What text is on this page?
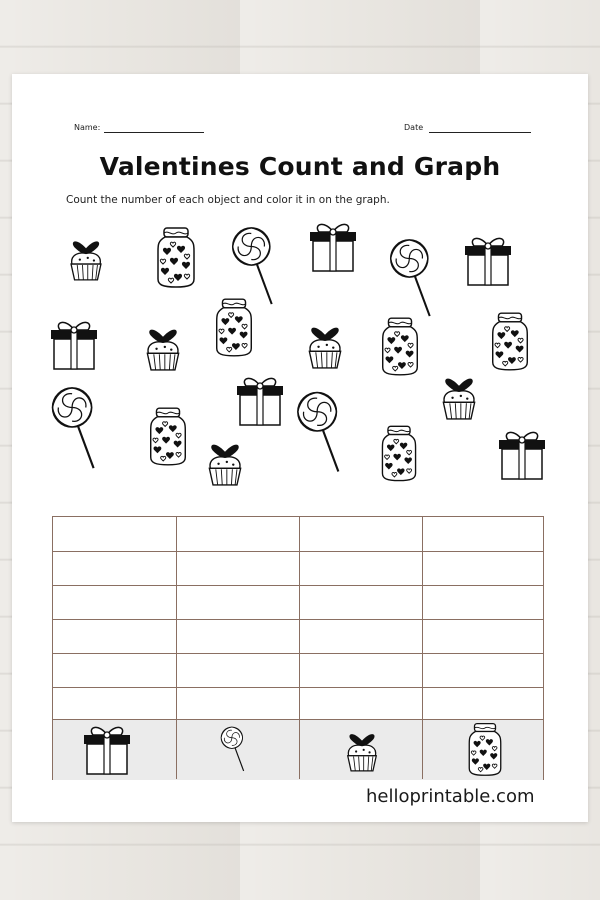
Name:	Date
Valentines Count and Graph
Count the number of each object and color it in on the graph.
helloprintable.com
